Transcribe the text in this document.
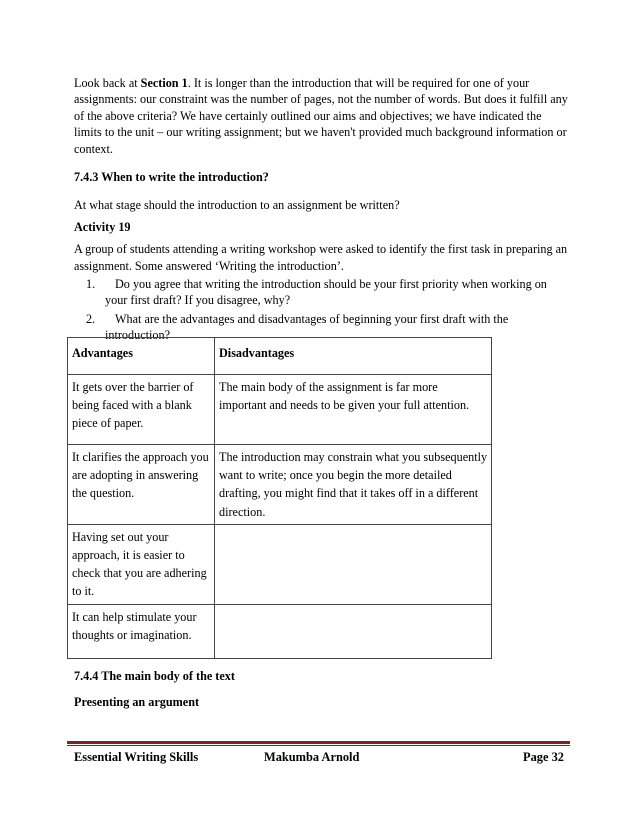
Look back at Section 1. It is longer than the introduction that will be required for one of your assignments: our constraint was the number of pages, not the number of words. But does it fulfill any of the above criteria? We have certainly outlined our aims and objectives; we have indicated the limits to the unit – our writing assignment; but we haven't provided much background information or context.

7.4.3 When to write the introduction?

At what stage should the introduction to an assignment be written?

Activity 19

A group of students attending a writing workshop were asked to identify the first task in preparing an assignment. Some answered ‘Writing the introduction’.

1. Do you agree that writing the introduction should be your first priority when working on your first draft? If you disagree, why?
2. What are the advantages and disadvantages of beginning your first draft with the introduction?
Advantages	Disadvantages
It gets over the barrier of being faced with a blank piece of paper.	The main body of the assignment is far more important and needs to be given your full attention.
It clarifies the approach you are adopting in answering the question.	The introduction may constrain what you subsequently want to write; once you begin the more detailed drafting, you might find that it takes off in a different direction.
Having set out your approach, it is easier to check that you are adhering to it.	
It can help stimulate your thoughts or imagination.	

7.4.4 The main body of the text

Presenting an argument

Essential Writing Skills	Makumba Arnold	Page 32
